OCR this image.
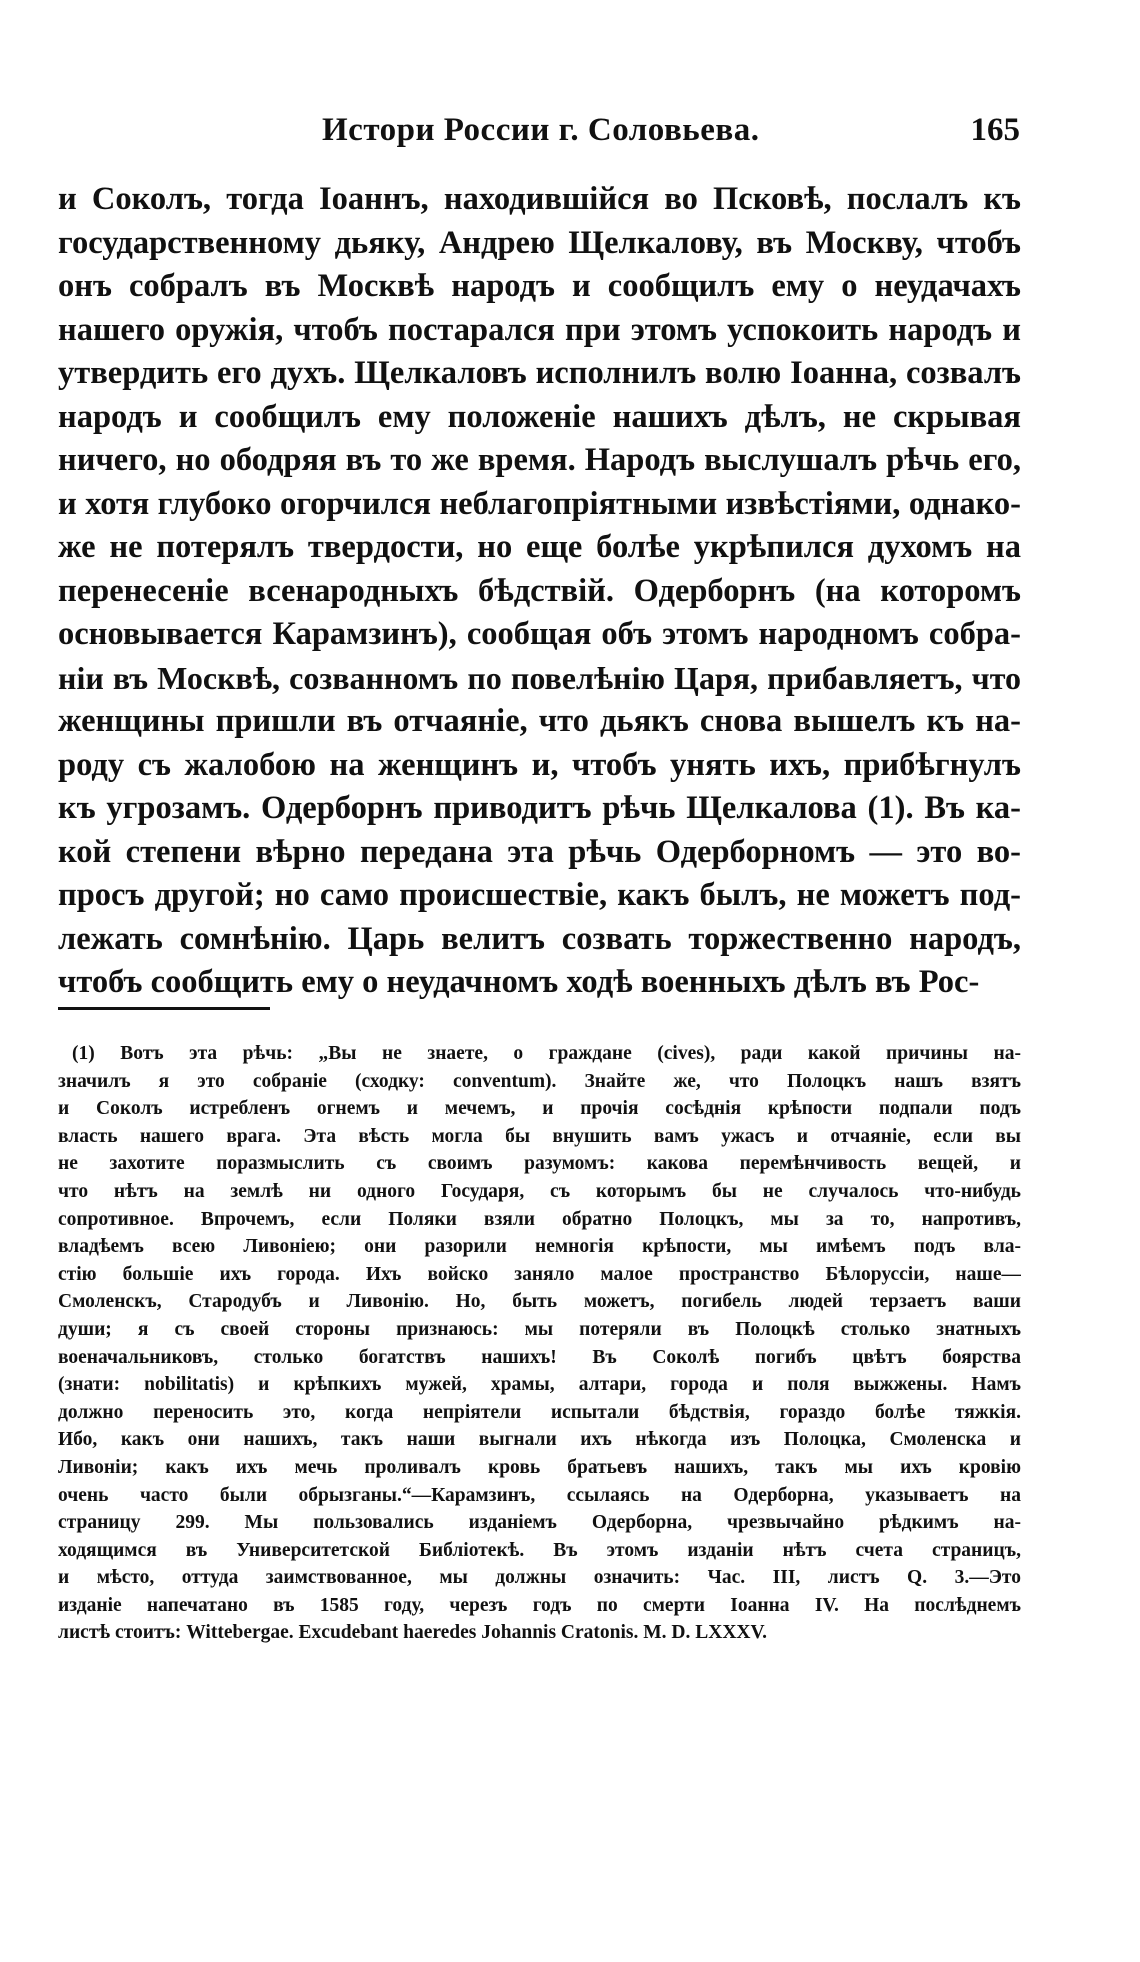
Истори России г. Соловьева.	165
и Соколъ, тогда Іоаннъ, находившійся во Псковѣ, послалъ къ
государственному дьяку, Андрею Щелкалову, въ Москву, чтобъ
онъ собралъ въ Москвѣ народъ и сообщилъ ему о неудачахъ
нашего оружія, чтобъ постарался при этомъ успокоить народъ и
утвердить его духъ. Щелкаловъ исполнилъ волю Іоанна, созвалъ
народъ и сообщилъ ему положеніе нашихъ дѣлъ, не скрывая
ничего, но ободряя въ то же время. Народъ выслушалъ рѣчь его,
и хотя глубоко огорчился неблагопріятными извѣстіями, однако-
же не потерялъ твердости, но еще болѣе укрѣпился духомъ на
перенесеніе всенародныхъ бѣдствій. Одерборнъ (на которомъ
основывается Карамзинъ), сообщая объ этомъ народномъ собра-
ніи въ Москвѣ, созванномъ по повелѣнію Царя, прибавляетъ, что
женщины пришли въ отчаяніе, что дьякъ снова вышелъ къ на-
роду съ жалобою на женщинъ и, чтобъ унять ихъ, прибѣгнулъ
къ угрозамъ. Одерборнъ приводитъ рѣчь Щелкалова (1). Въ ка-
кой степени вѣрно передана эта рѣчь Одерборномъ — это во-
просъ другой; но само происшествіе, какъ былъ, не можетъ под-
лежать сомнѣнію. Царь велитъ созвать торжественно народъ,
чтобъ сообщить ему о неудачномъ ходѣ военныхъ дѣлъ въ Рос-
(1) Вотъ эта рѣчь: „Вы не знаете, о граждане (cives), ради какой причины на-
значилъ я это собраніе (сходку: conventum). Знайте же, что Полоцкъ нашъ взятъ
и Соколъ истребленъ огнемъ и мечемъ, и прочія сосѣднія крѣпости подпали подъ
власть нашего врага. Эта вѣсть могла бы внушить вамъ ужасъ и отчаяніе, если вы
не захотите поразмыслить съ своимъ разумомъ: какова перемѣнчивость вещей, и
что нѣтъ на землѣ ни одного Государя, съ которымъ бы не случалось что-нибудь
сопротивное. Впрочемъ, если Поляки взяли обратно Полоцкъ, мы за то, напротивъ,
владѣемъ всею Ливоніею; они разорили немногія крѣпости, мы имѣемъ подъ вла-
стію большіе ихъ города. Ихъ войско заняло малое пространство Бѣлоруссіи, наше—
Смоленскъ, Стародубъ и Ливонію. Но, быть можетъ, погибель людей терзаетъ ваши
души; я съ своей стороны признаюсь: мы потеряли въ Полоцкѣ столько знатныхъ
военачальниковъ, столько богатствъ нашихъ! Въ Соколѣ погибъ цвѣтъ боярства
(знати: nobilitatis) и крѣпкихъ мужей, храмы, алтари, города и поля выжжены. Намъ
должно переносить это, когда непріятели испытали бѣдствія, гораздо болѣе тяжкія.
Ибо, какъ они нашихъ, такъ наши выгнали ихъ нѣкогда изъ Полоцка, Смоленска и
Ливоніи; какъ ихъ мечь проливалъ кровь братьевъ нашихъ, такъ мы ихъ кровію
очень часто были обрызганы.“—Карамзинъ, ссылаясь на Одерборна, указываетъ на
страницу 299. Мы пользовались изданіемъ Одерборна, чрезвычайно рѣдкимъ на-
ходящимся въ Университетской Библіотекѣ. Въ этомъ изданіи нѣтъ счета страницъ,
и мѣсто, оттуда заимствованное, мы должны означить: Час. III, листъ Q. 3.—Это
изданіе напечатано въ 1585 году, черезъ годъ по смерти Іоанна IV. На послѣднемъ
листѣ стоитъ: Wittebergae. Excudebant haeredes Johannis Cratonis. M. D. LXXXV.
